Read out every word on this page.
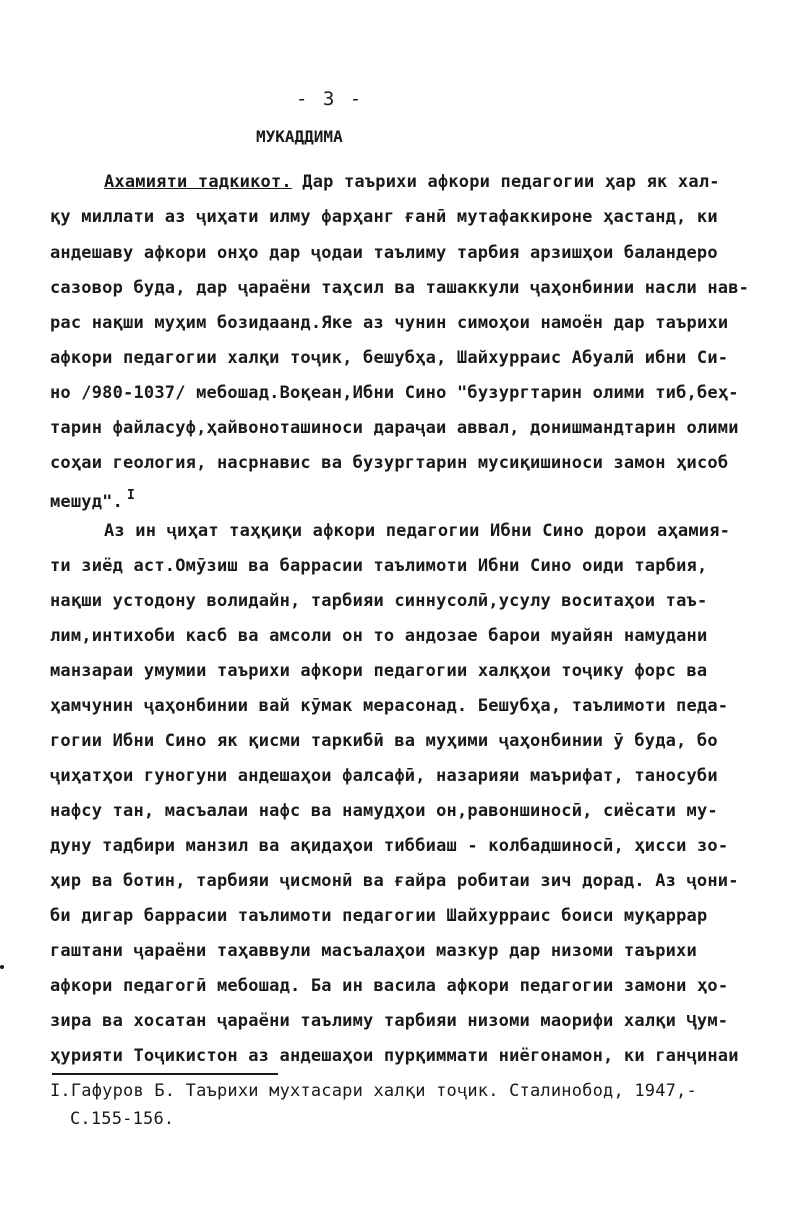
- 3 -
МУКАДДИМА
Ахамияти тадкикот. Дар таърихи афкори педагогии ҳар як хал-
қу миллати аз ҷиҳати илму фарҳанг ғанӣ мутафаккироне ҳастанд, ки
андешаву афкори онҳо дар ҷодаи таълиму тарбия арзишҳои баландеро
сазовор буда, дар ҷараёни таҳсил ва ташаккули ҷаҳонбинии насли нав-
рас нақши муҳим бозидаанд.Яке аз чунин симоҳои намоён дар таърихи
афкори педагогии халқи тоҷик, бешубҳа, Шайхурраис Абуалӣ ибни Си-
но /980-1037/ мебошад.Воқеан,Ибни Сино "бузургтарин олими тиб,беҳ-
тарин файласуф,ҳайвоноташиноси дараҷаи аввал, донишмандтарин олими
соҳаи геология, насрнавис ва бузургтарин мусиқишиноси замон ҳисоб
мешуд". $^I$
Аз ин ҷиҳат таҳқиқи афкори педагогии Ибни Сино дорои аҳамия-
ти зиёд аст.Омӯзиш ва баррасии таълимоти Ибни Сино оиди тарбия,
нақши устодону волидайн, тарбияи синнусолӣ,усулу воситаҳои таъ-
лим,интихоби касб ва амсоли он то андозае барои муайян намудани
манзараи умумии таърихи афкори педагогии халқҳои тоҷику форс ва
ҳамчунин ҷаҳонбинии вай кӯмак мерасонад. Бешубҳа, таълимоти педа-
гогии Ибни Сино як қисми таркибӣ ва муҳими ҷаҳонбинии ӯ буда, бо
ҷиҳатҳои гуногуни андешаҳои фалсафӣ, назарияи маърифат, таносуби
нафсу тан, масъалаи нафс ва намудҳои он,равоншиносӣ, сиёсати му-
дуну тадбири манзил ва ақидаҳои тиббиаш - колбадшиносӣ, ҳисси зо-
ҳир ва ботин, тарбияи ҷисмонӣ ва ғайра робитаи зич дорад. Аз ҷони-
би дигар баррасии таълимоти педагогии Шайхурраис боиси муқаррар
гаштани ҷараёни таҳаввули масъалаҳои мазкур дар низоми таърихи
афкори педагогӣ мебошад. Ба ин васила афкори педагогии замони ҳо-
зира ва хосатан ҷараёни таълиму тарбияи низоми маорифи халқи Ҷум-
ҳурияти Тоҷикистон аз андешаҳои пурқиммати ниёгонамон, ки ганҷинаи
I.Гафуров Б. Таърихи мухтасари халқи тоҷик. Сталинобод, 1947,-
С.155-156.
